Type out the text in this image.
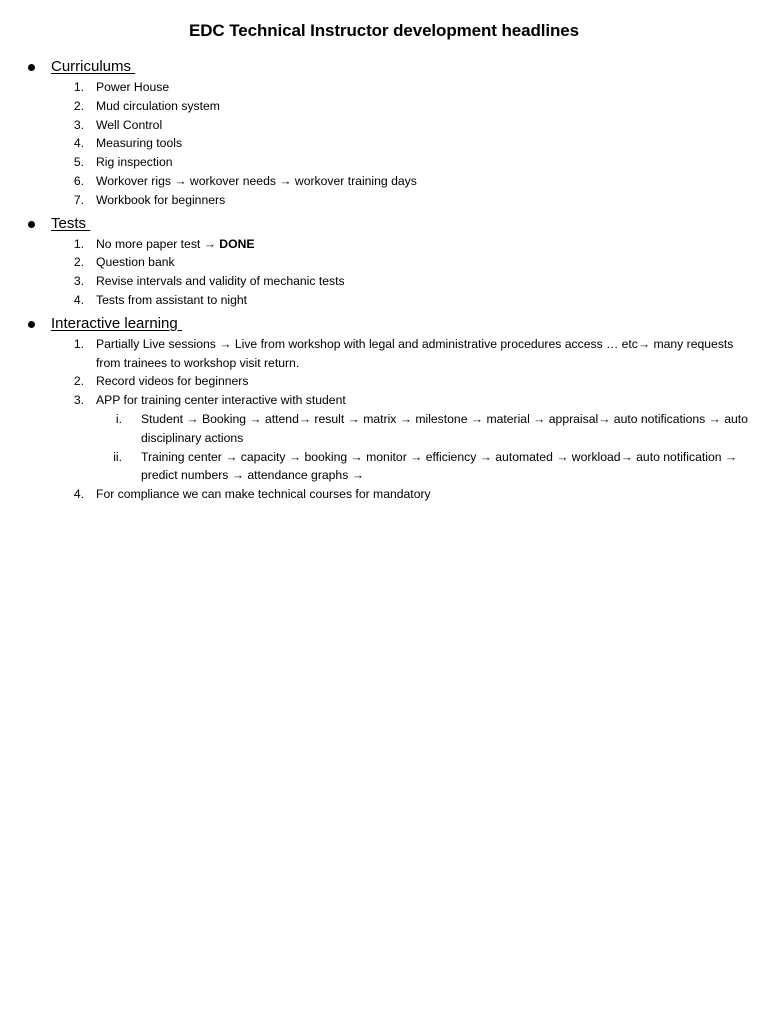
EDC Technical Instructor development headlines
Curriculums
1. Power House
2. Mud circulation system
3. Well Control
4. Measuring tools
5. Rig inspection
6. Workover rigs → workover needs → workover training days
7. Workbook for beginners
Tests
1. No more paper test → DONE
2. Question bank
3. Revise intervals and validity of mechanic tests
4. Tests from assistant to night
Interactive learning
1. Partially Live sessions → Live from workshop with legal and administrative procedures access … etc→ many requests from trainees to workshop visit return.
2. Record videos for beginners
3. APP for training center interactive with student
i. Student → Booking → attend→ result → matrix → milestone → material → appraisal→ auto notifications → auto disciplinary actions
ii. Training center → capacity → booking → monitor → efficiency → automated → workload→ auto notification → predict numbers → attendance graphs →
4. For compliance we can make technical courses for mandatory
